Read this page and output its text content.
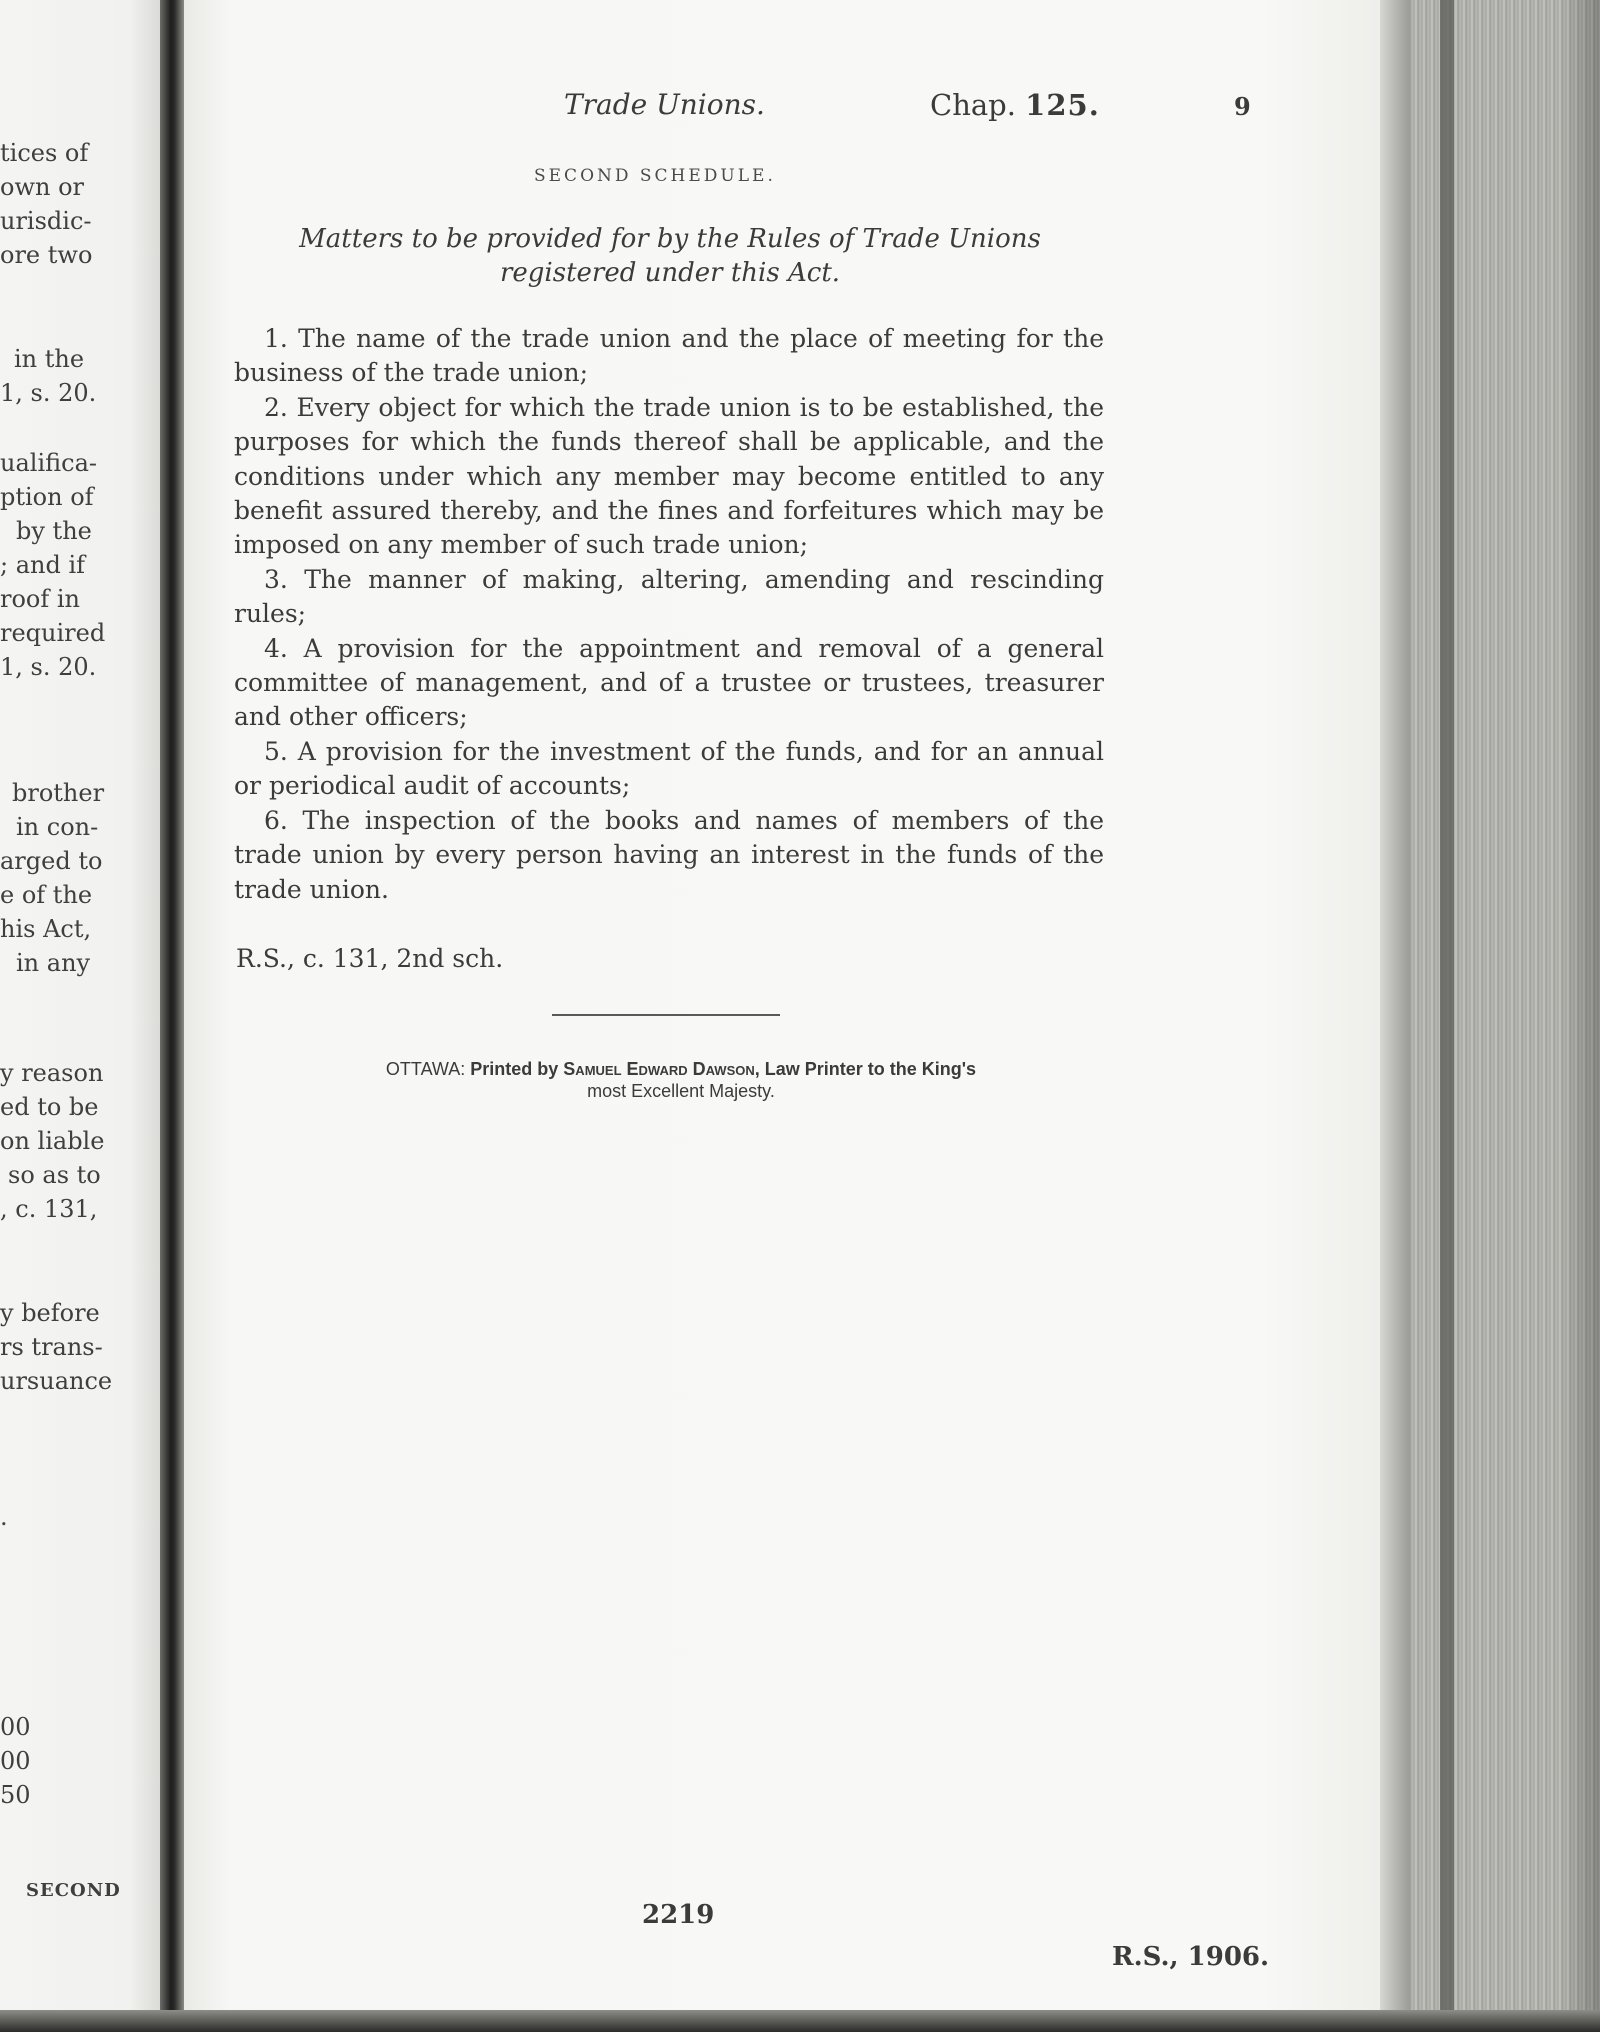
tices of
own or
urisdic-
ore two
in the
1, s. 20.
ualifica-
ption of
by the
; and if
roof in
required
1, s. 20.
brother
in con-
arged to
e of the
his Act,
in any
y reason
ed to be
on liable
so as to
, c. 131,
y before
rs trans-
ursuance
.
00
00
50
SECOND
Trade Unions.	Chap. 125.	9
SECOND SCHEDULE.
Matters to be provided for by the Rules of Trade Unions
registered under this Act.

1. The name of the trade union and the place of meeting for the business of the trade union;

2. Every object for which the trade union is to be established, the purposes for which the funds thereof shall be applicable, and the conditions under which any member may become entitled to any benefit assured thereby, and the fines and forfeitures which may be imposed on any member of such trade union;

3. The manner of making, altering, amending and rescinding rules;

4. A provision for the appointment and removal of a general committee of management, and of a trustee or trustees, treasurer and other officers;

5. A provision for the investment of the funds, and for an annual or periodical audit of accounts;

6. The inspection of the books and names of members of the trade union by every person having an interest in the funds of the trade union.

R.S., c. 131, 2nd sch.
OTTAWA: Printed by Samuel Edward Dawson, Law Printer to the King's
most Excellent Majesty.
2219
R.S., 1906.
